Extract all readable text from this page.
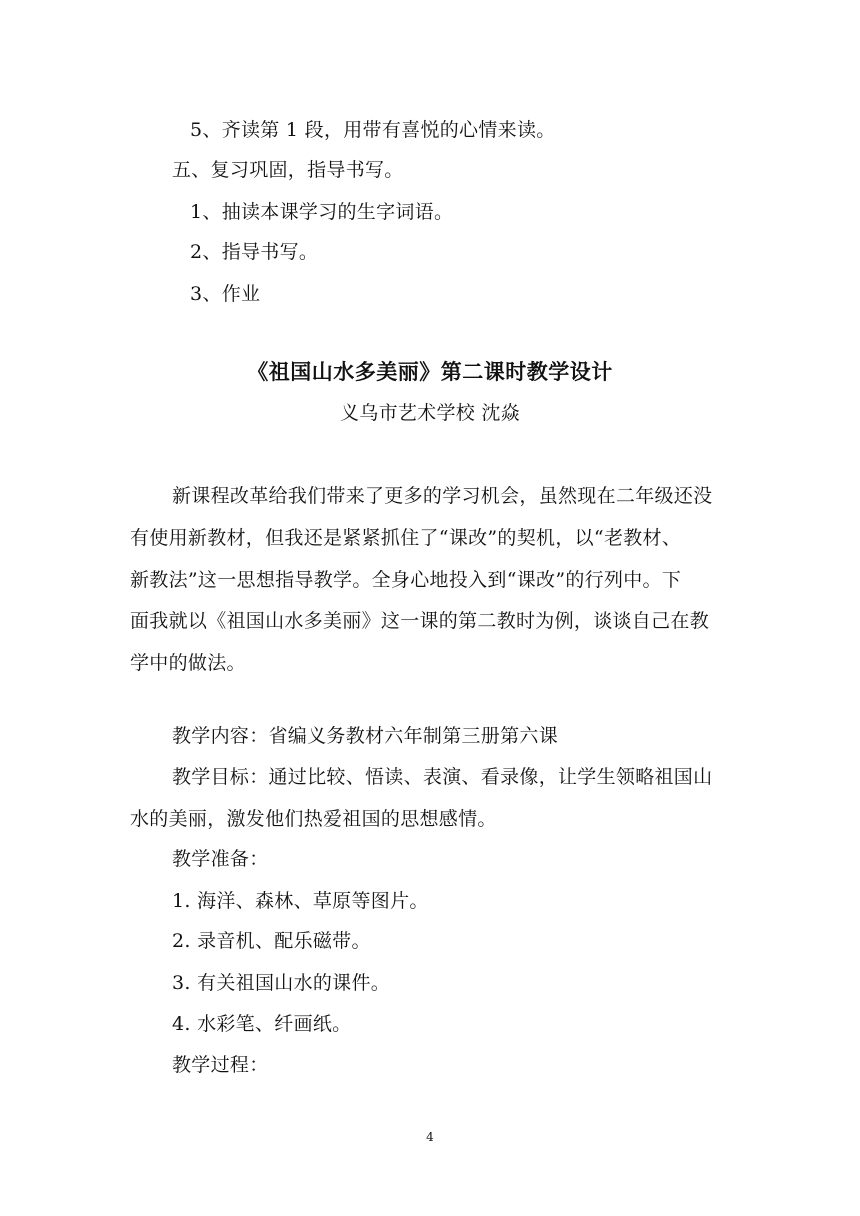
5、齐读第 1 段，用带有喜悦的心情来读。
五、复习巩固，指导书写。
1、抽读本课学习的生字词语。
2、指导书写。
3、作业
《祖国山水多美丽》第二课时教学设计
义乌市艺术学校 沈焱
新课程改革给我们带来了更多的学习机会，虽然现在二年级还没
有使用新教材，但我还是紧紧抓住了“课改”的契机，以“老教材、
新教法”这一思想指导教学。全身心地投入到“课改”的行列中。下
面我就以《祖国山水多美丽》这一课的第二教时为例，谈谈自己在教
学中的做法。
教学内容：省编义务教材六年制第三册第六课
教学目标：通过比较、悟读、表演、看录像，让学生领略祖国山
水的美丽，激发他们热爱祖国的思想感情。
教学准备：
1. 海洋、森林、草原等图片。
2. 录音机、配乐磁带。
3. 有关祖国山水的课件。
4. 水彩笔、纤画纸。
教学过程：
4
